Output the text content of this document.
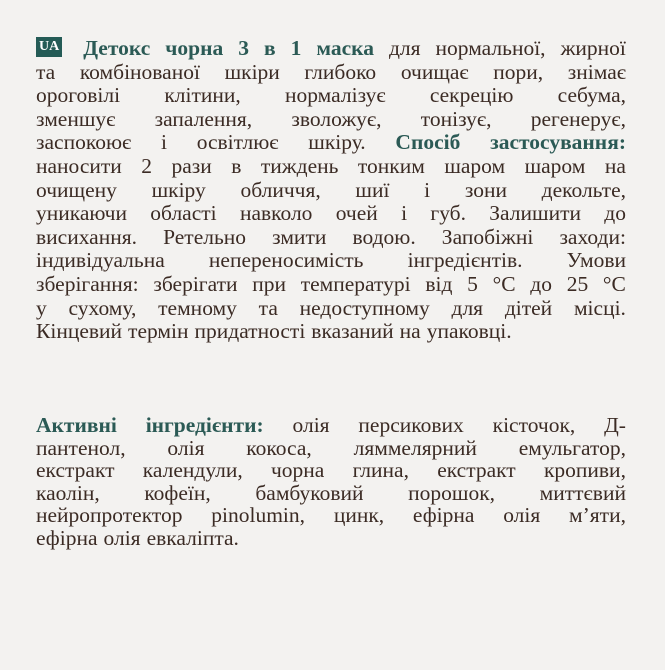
UA Детокс чорна 3 в 1 маска для нормальної, жирної
та комбінованої шкіри глибоко очищає пори, знімає
ороговілі клітини, нормалізує секрецію себума,
зменшує запалення, зволожує, тонізує, регенерує,
заспокоює і освітлює шкіру. Спосіб застосування:
наносити 2 рази в тиждень тонким шаром шаром на
очищену шкіру обличчя, шиї і зони декольте,
уникаючи області навколо очей і губ. Залишити до
висихання. Ретельно змити водою. Запобіжні заходи:
індивідуальна непереносимість інгредієнтів. Умови
зберігання: зберігати при температурі від 5 °C до 25 °C
у сухому, темному та недоступному для дітей місці.
Кінцевий термін придатності вказаний на упаковці.
Активні інгредієнти: олія персикових кісточок, Д-
пантенол, олія кокоса, ляммелярний емульгатор,
екстракт календули, чорна глина, екстракт кропиви,
каолін, кофеїн, бамбуковий порошок, миттєвий
нейропротектор pinolumin, цинк, ефірна олія м’яти,
ефірна олія евкаліпта.
